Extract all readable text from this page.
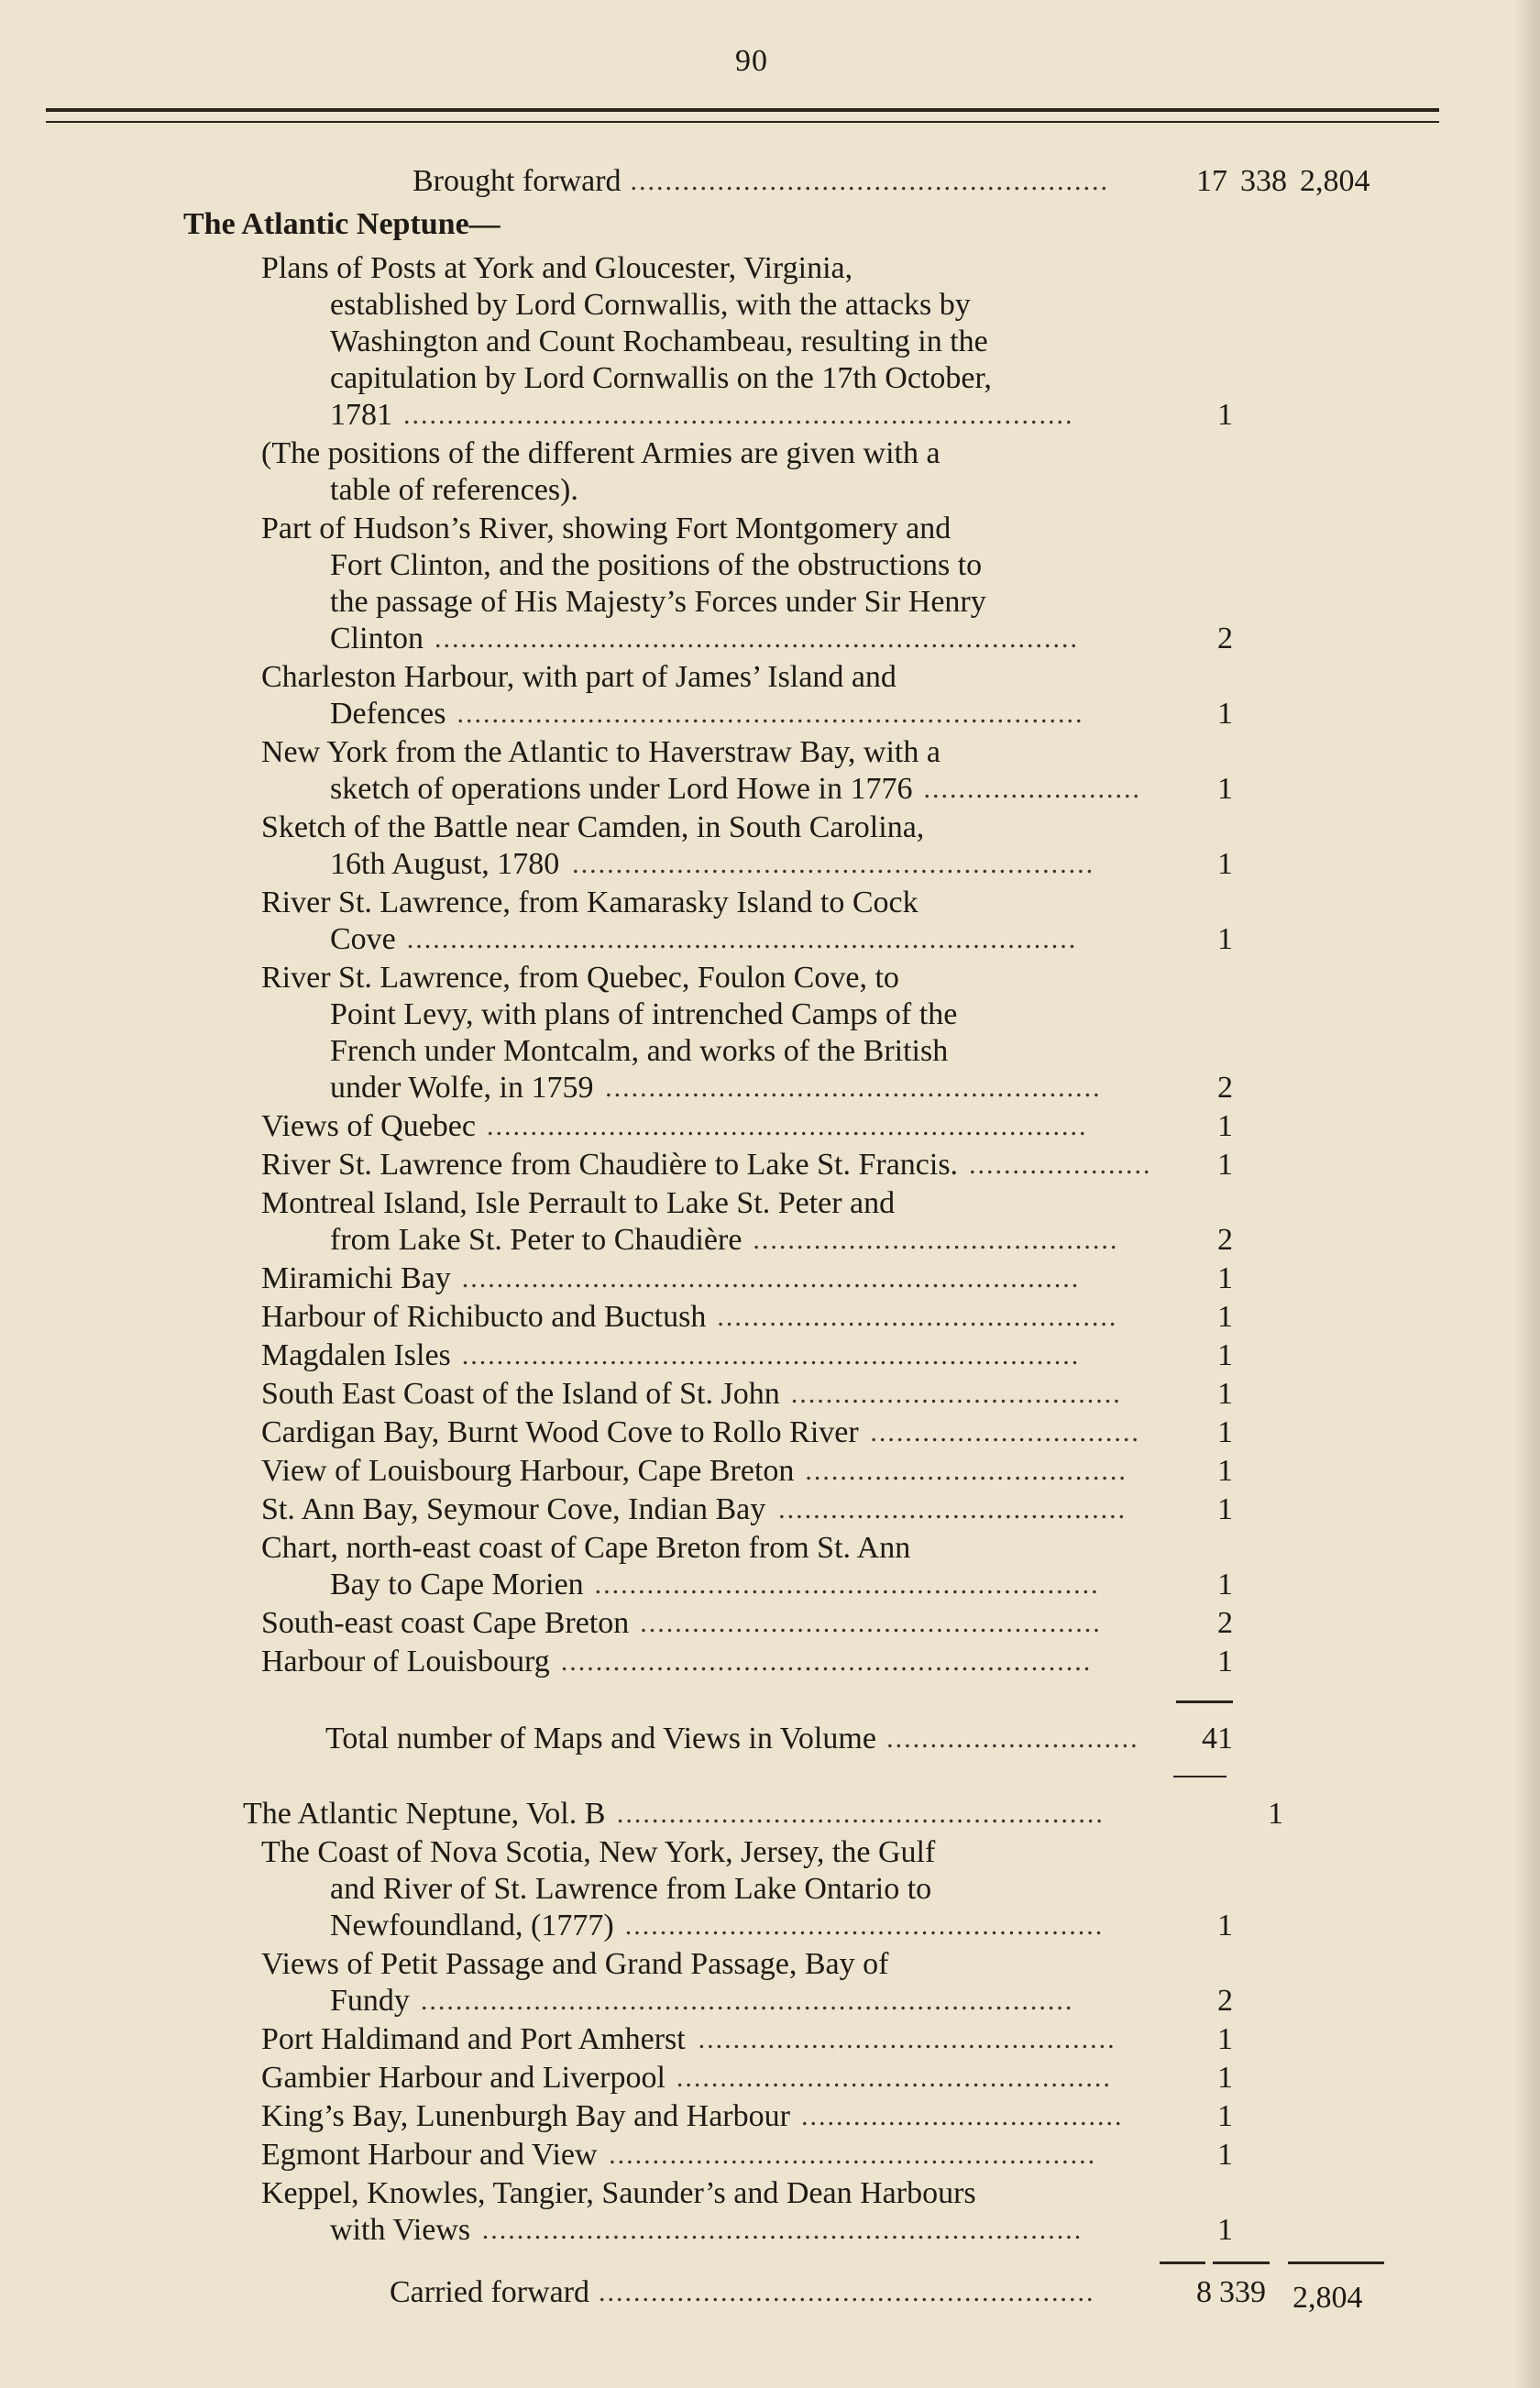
90
Brought forward .......................................................	17 338 2,804
The Atlantic Neptune—
Plans of Posts at York and Gloucester, Virginia,
established by Lord Cornwallis, with the attacks by
Washington and Count Rochambeau, resulting in the
capitulation by Lord Cornwallis on the 17th October,
1781 .............................................................................	1
(The positions of the different Armies are given with a
table of references).
Part of Hudson’s River, showing Fort Montgomery and
Fort Clinton, and the positions of the obstructions to
the passage of His Majesty’s Forces under Sir Henry
Clinton ..........................................................................	2
Charleston Harbour, with part of James’ Island and
Defences ........................................................................	1
New York from the Atlantic to Haverstraw Bay, with a
sketch of operations under Lord Howe in 1776 .........................	1
Sketch of the Battle near Camden, in South Carolina,
16th August, 1780 ............................................................	1
River St. Lawrence, from Kamarasky Island to Cock
Cove .............................................................................	1
River St. Lawrence, from Quebec, Foulon Cove, to
Point Levy, with plans of intrenched Camps of the
French under Montcalm, and works of the British
under Wolfe, in 1759 .........................................................	2
Views of Quebec .....................................................................	1
River St. Lawrence from Chaudière to Lake St. Francis. .....................	1
Montreal Island, Isle Perrault to Lake St. Peter and
from Lake St. Peter to Chaudière ..........................................	2
Miramichi Bay .......................................................................	1
Harbour of Richibucto and Buctush ..............................................	1
Magdalen Isles .......................................................................	1
South East Coast of the Island of St. John ......................................	1
Cardigan Bay, Burnt Wood Cove to Rollo River ...............................	1
View of Louisbourg Harbour, Cape Breton .....................................	1
St. Ann Bay, Seymour Cove, Indian Bay ........................................	1
Chart, north-east coast of Cape Breton from St. Ann
Bay to Cape Morien ..........................................................	1
South-east coast Cape Breton .....................................................	2
Harbour of Louisbourg .............................................................	1
Total number of Maps and Views in Volume .............................	41
The Atlantic Neptune, Vol. B ........................................................	1
The Coast of Nova Scotia, New York, Jersey, the Gulf
and River of St. Lawrence from Lake Ontario to
Newfoundland, (1777) .......................................................	1
Views of Petit Passage and Grand Passage, Bay of
Fundy ...........................................................................	2
Port Haldimand and Port Amherst ................................................	1
Gambier Harbour and Liverpool ..................................................	1
King’s Bay, Lunenburgh Bay and Harbour .....................................	1
Egmont Harbour and View ........................................................	1
Keppel, Knowles, Tangier, Saunder’s and Dean Harbours
with Views .....................................................................	1
Carried forward .........................................................	8 339 2,804
